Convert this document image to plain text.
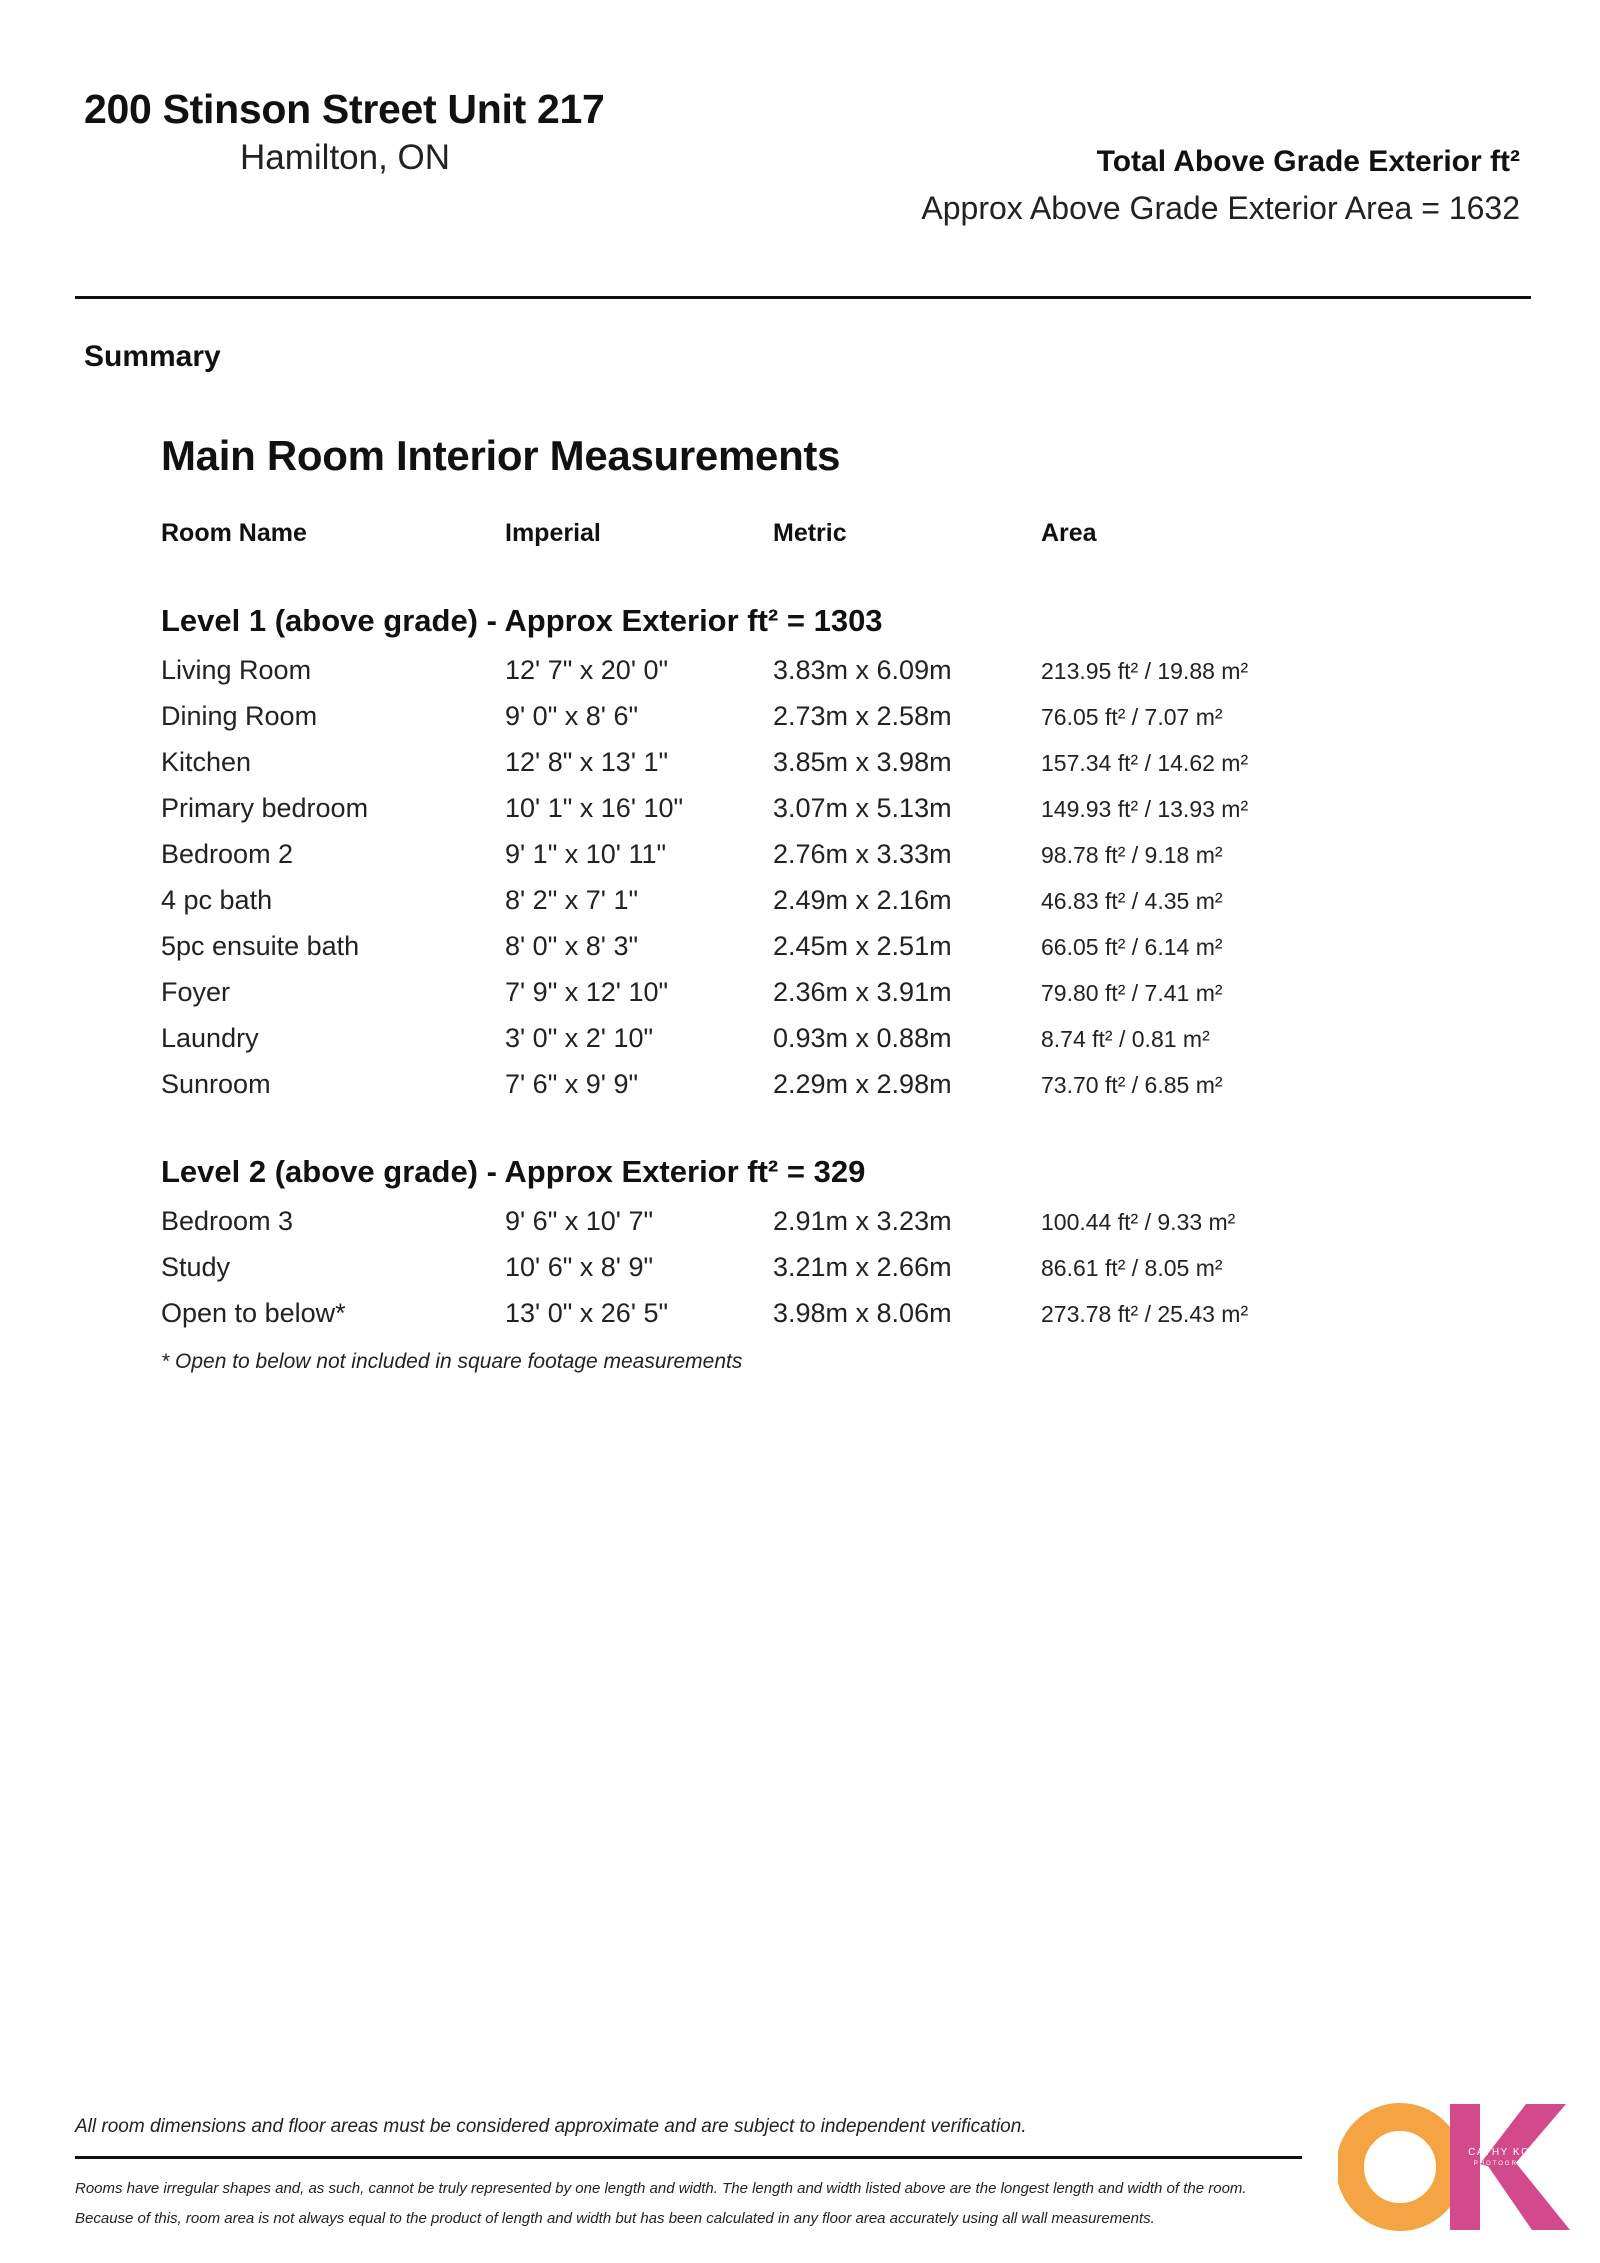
200 Stinson Street Unit 217
Hamilton, ON	Total Above Grade Exterior ft²
Approx Above Grade Exterior Area = 1632
Summary
Main Room Interior Measurements
Room Name	Imperial	Metric	Area
Level 1 (above grade) - Approx Exterior ft² = 1303
Living Room	12' 7" x 20' 0"	3.83m x 6.09m	213.95 ft² / 19.88 m²
Dining Room	9' 0" x 8' 6"	2.73m x 2.58m	76.05 ft² / 7.07 m²
Kitchen	12' 8" x 13' 1"	3.85m x 3.98m	157.34 ft² / 14.62 m²
Primary bedroom	10' 1" x 16' 10"	3.07m x 5.13m	149.93 ft² / 13.93 m²
Bedroom 2	9' 1" x 10' 11"	2.76m x 3.33m	98.78 ft² / 9.18 m²
4 pc bath	8' 2" x 7' 1"	2.49m x 2.16m	46.83 ft² / 4.35 m²
5pc ensuite bath	8' 0" x 8' 3"	2.45m x 2.51m	66.05 ft² / 6.14 m²
Foyer	7' 9" x 12' 10"	2.36m x 3.91m	79.80 ft² / 7.41 m²
Laundry	3' 0" x 2' 10"	0.93m x 0.88m	8.74 ft² / 0.81 m²
Sunroom	7' 6" x 9' 9"	2.29m x 2.98m	73.70 ft² / 6.85 m²
Level 2 (above grade) - Approx Exterior ft² = 329
Bedroom 3	9' 6" x 10' 7"	2.91m x 3.23m	100.44 ft² / 9.33 m²
Study	10' 6" x 8' 9"	3.21m x 2.66m	86.61 ft² / 8.05 m²
Open to below*	13' 0" x 26' 5"	3.98m x 8.06m	273.78 ft² / 25.43 m²
* Open to below not included in square footage measurements
All room dimensions and floor areas must be considered approximate and are subject to independent verification.
Rooms have irregular shapes and, as such, cannot be truly represented by one length and width. The length and width listed above are the longest length and width of the room.
Because of this, room area is not always equal to the product of length and width but has been calculated in any floor area accurately using all wall measurements.
CATHY KOOP
PHOTOGRAPHY
